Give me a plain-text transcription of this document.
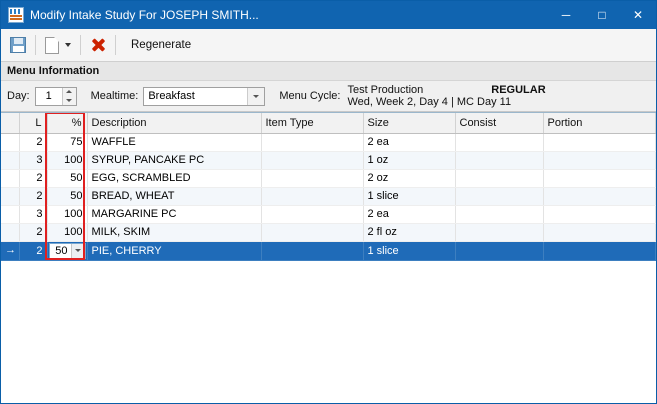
Modify Intake Study For JOSEPH SMITH...	─ □ ✕
Regenerate
Menu Information
Day:
1	Mealtime: Breakfast	Menu Cycle: Test Production	REGULAR
Wed, Week 2, Day 4 | MC Day 11
	L	%	Description	Item Type	Size	Consist	Portion
	2	75	WAFFLE		2 ea		
	3	100	SYRUP, PANCAKE PC		1 oz		
	2	50	EGG, SCRAMBLED		2 oz		
	2	50	BREAD, WHEAT		1 slice		
	3	100	MARGARINE PC		2 ea		
	2	100	MILK, SKIM		2 fl oz		
→	2	50	PIE, CHERRY		1 slice		
